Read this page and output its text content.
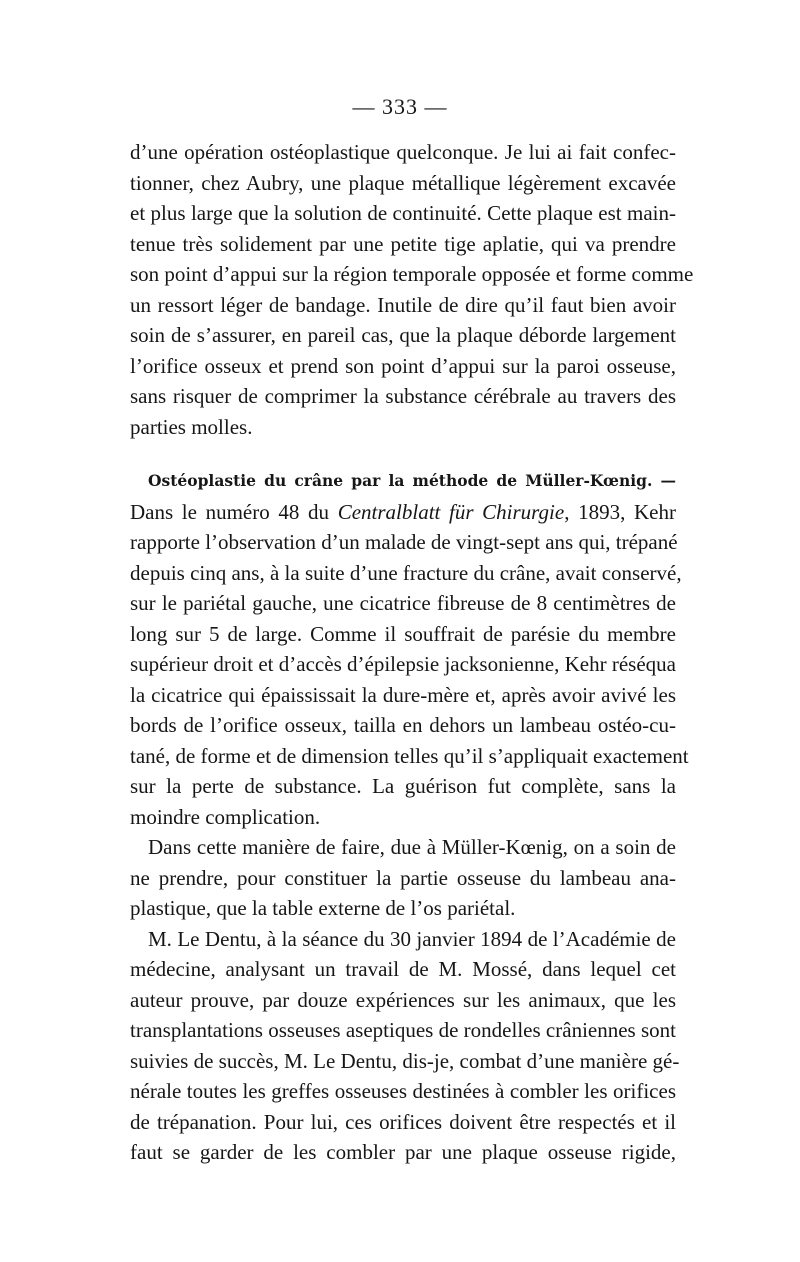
— 333 —
d’une opération ostéoplastique quelconque. Je lui ai fait confec-
tionner, chez Aubry, une plaque métallique légèrement excavée
et plus large que la solution de continuité. Cette plaque est main-
tenue très solidement par une petite tige aplatie, qui va prendre
son point d’appui sur la région temporale opposée et forme comme
un ressort léger de bandage. Inutile de dire qu’il faut bien avoir
soin de s’assurer, en pareil cas, que la plaque déborde largement
l’orifice osseux et prend son point d’appui sur la paroi osseuse,
sans risquer de comprimer la substance cérébrale au travers des
parties molles.
Ostéoplastie du crâne par la méthode de Müller-Kœnig. —
Dans le numéro 48 du Centralblatt für Chirurgie, 1893, Kehr
rapporte l’observation d’un malade de vingt-sept ans qui, trépané
depuis cinq ans, à la suite d’une fracture du crâne, avait conservé,
sur le pariétal gauche, une cicatrice fibreuse de 8 centimètres de
long sur 5 de large. Comme il souffrait de parésie du membre
supérieur droit et d’accès d’épilepsie jacksonienne, Kehr réséqua
la cicatrice qui épaississait la dure-mère et, après avoir avivé les
bords de l’orifice osseux, tailla en dehors un lambeau ostéo-cu-
tané, de forme et de dimension telles qu’il s’appliquait exactement
sur la perte de substance. La guérison fut complète, sans la
moindre complication.
Dans cette manière de faire, due à Müller-Kœnig, on a soin de
ne prendre, pour constituer la partie osseuse du lambeau ana-
plastique, que la table externe de l’os pariétal.
M. Le Dentu, à la séance du 30 janvier 1894 de l’Académie de
médecine, analysant un travail de M. Mossé, dans lequel cet
auteur prouve, par douze expériences sur les animaux, que les
transplantations osseuses aseptiques de rondelles crâniennes sont
suivies de succès, M. Le Dentu, dis-je, combat d’une manière gé-
nérale toutes les greffes osseuses destinées à combler les orifices
de trépanation. Pour lui, ces orifices doivent être respectés et il
faut se garder de les combler par une plaque osseuse rigide,
